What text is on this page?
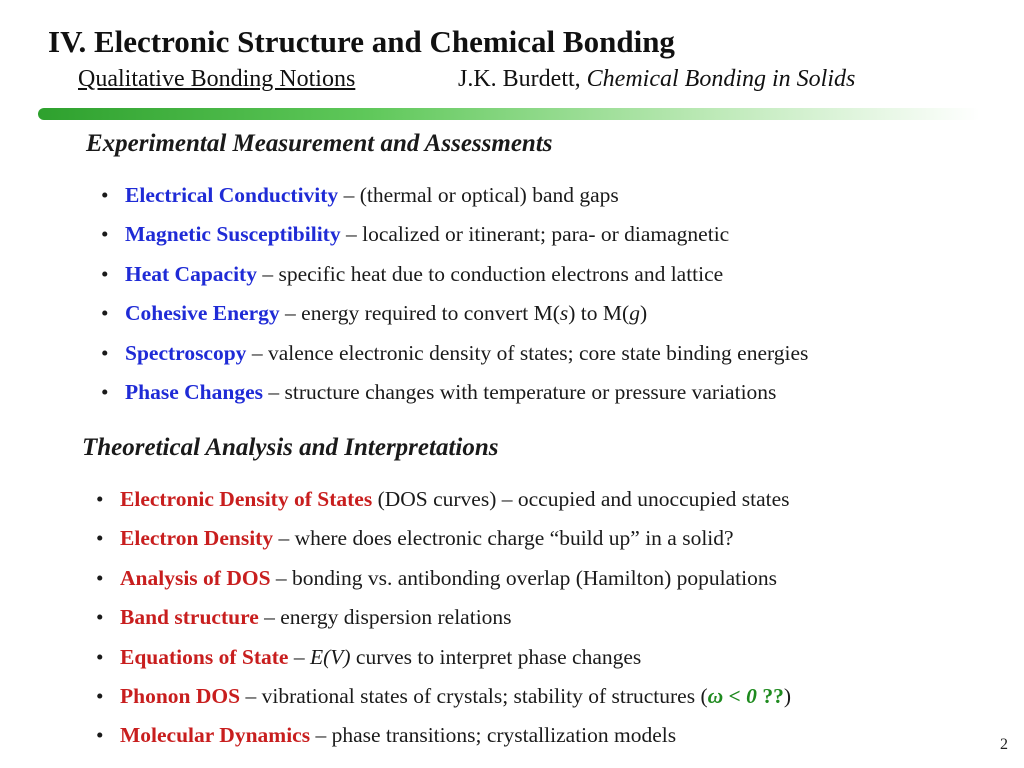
IV. Electronic Structure and Chemical Bonding
Qualitative Bonding Notions	J.K. Burdett, Chemical Bonding in Solids
Experimental Measurement and Assessments
• Electrical Conductivity – (thermal or optical) band gaps
• Magnetic Susceptibility – localized or itinerant; para- or diamagnetic
• Heat Capacity – specific heat due to conduction electrons and lattice
• Cohesive Energy – energy required to convert M(s) to M(g)
• Spectroscopy – valence electronic density of states; core state binding energies
• Phase Changes – structure changes with temperature or pressure variations
Theoretical Analysis and Interpretations
• Electronic Density of States (DOS curves) – occupied and unoccupied states
• Electron Density – where does electronic charge “build up” in a solid?
• Analysis of DOS – bonding vs. antibonding overlap (Hamilton) populations
• Band structure – energy dispersion relations
• Equations of State – E(V) curves to interpret phase changes
• Phonon DOS – vibrational states of crystals; stability of structures (ω < 0 ??)
• Molecular Dynamics – phase transitions; crystallization models	2
